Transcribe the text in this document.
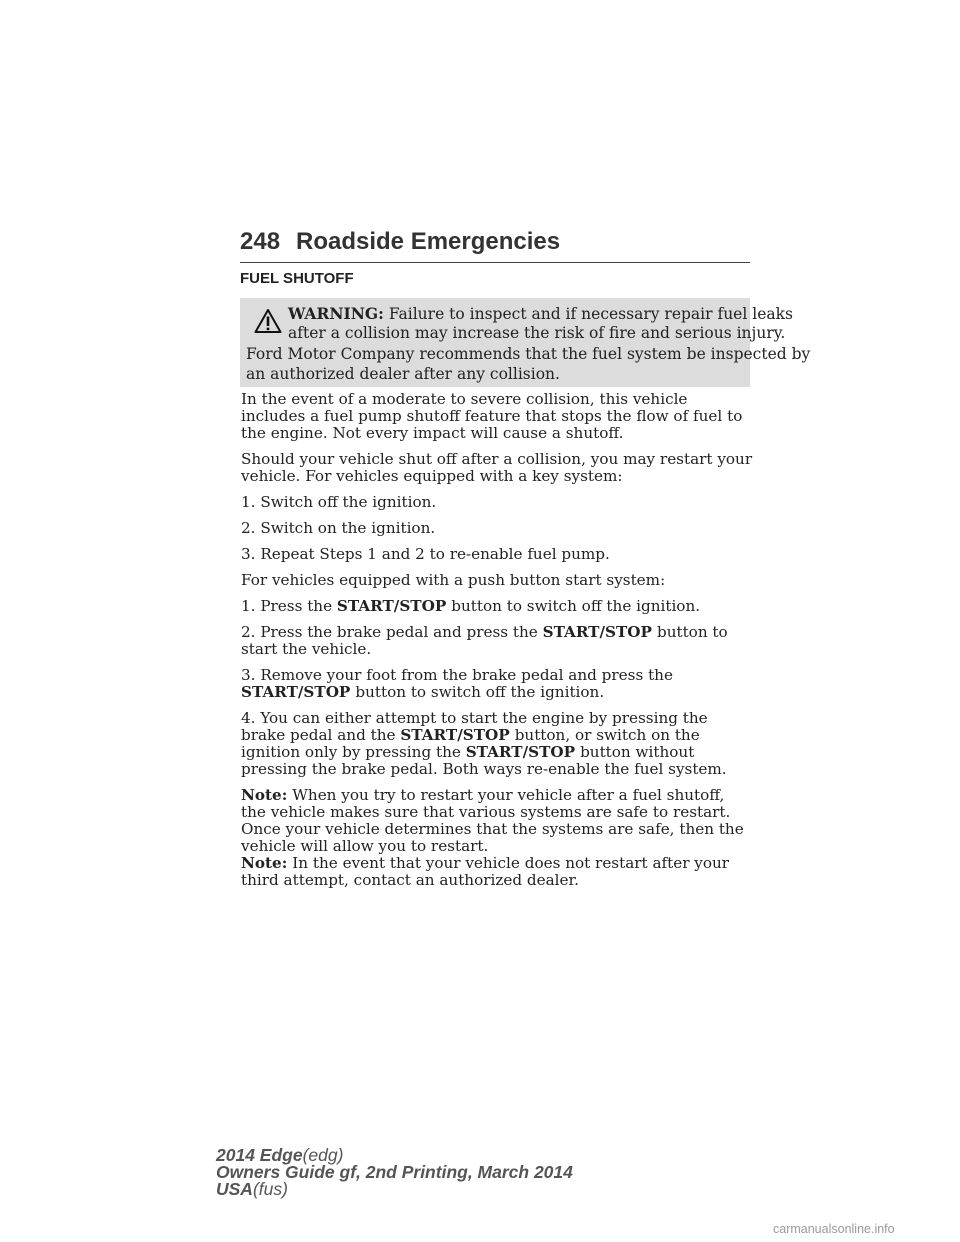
248 Roadside Emergencies
FUEL SHUTOFF
WARNING: Failure to inspect and if necessary repair fuel leaks
after a collision may increase the risk of fire and serious injury.
Ford Motor Company recommends that the fuel system be inspected by
an authorized dealer after any collision.

In the event of a moderate to severe collision, this vehicle includes a fuel pump shutoff feature that stops the flow of fuel to the engine. Not every impact will cause a shutoff.

Should your vehicle shut off after a collision, you may restart your vehicle. For vehicles equipped with a key system:

1. Switch off the ignition.

2. Switch on the ignition.

3. Repeat Steps 1 and 2 to re-enable fuel pump.

For vehicles equipped with a push button start system:

1. Press the START/STOP button to switch off the ignition.

2. Press the brake pedal and press the START/STOP button to start the vehicle.

3. Remove your foot from the brake pedal and press the START/STOP button to switch off the ignition.

4. You can either attempt to start the engine by pressing the brake pedal and the START/STOP button, or switch on the ignition only by pressing the START/STOP button without pressing the brake pedal. Both ways re-enable the fuel system.

Note: When you try to restart your vehicle after a fuel shutoff, the vehicle makes sure that various systems are safe to restart. Once your vehicle determines that the systems are safe, then the vehicle will allow you to restart.

Note: In the event that your vehicle does not restart after your third attempt, contact an authorized dealer.

2014 Edge(edg)
Owners Guide gf, 2nd Printing, March 2014
USA(fus)
carmanualsonline.info
